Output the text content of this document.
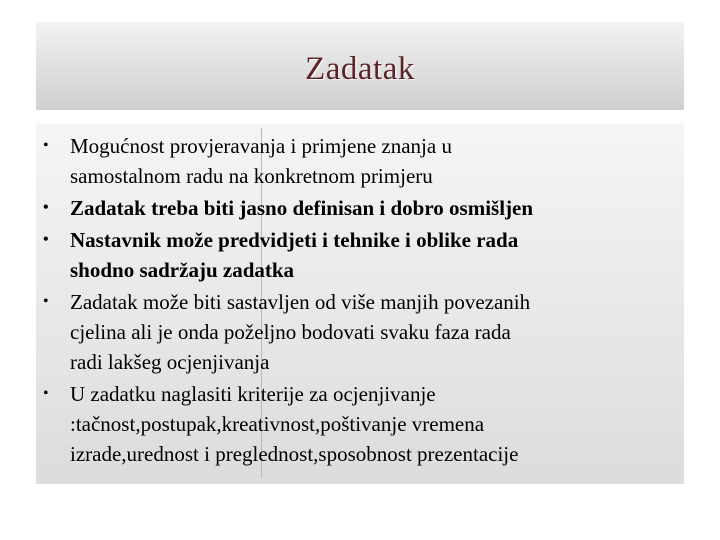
Zadatak
• Mogućnost provjeravanja i primjene znanja u
samostalnom radu na konkretnom primjeru
• Zadatak treba biti jasno definisan i dobro osmišljen
• Nastavnik može predvidjeti i tehnike i oblike rada
shodno sadržaju zadatka
• Zadatak može biti sastavljen od više manjih povezanih
cjelina ali je onda poželjno bodovati svaku faza rada
radi lakšeg ocjenjivanja
• U zadatku naglasiti kriterije za ocjenjivanje
:tačnost,postupak,kreativnost,poštivanje vremena
izrade,urednost i preglednost,sposobnost prezentacije
